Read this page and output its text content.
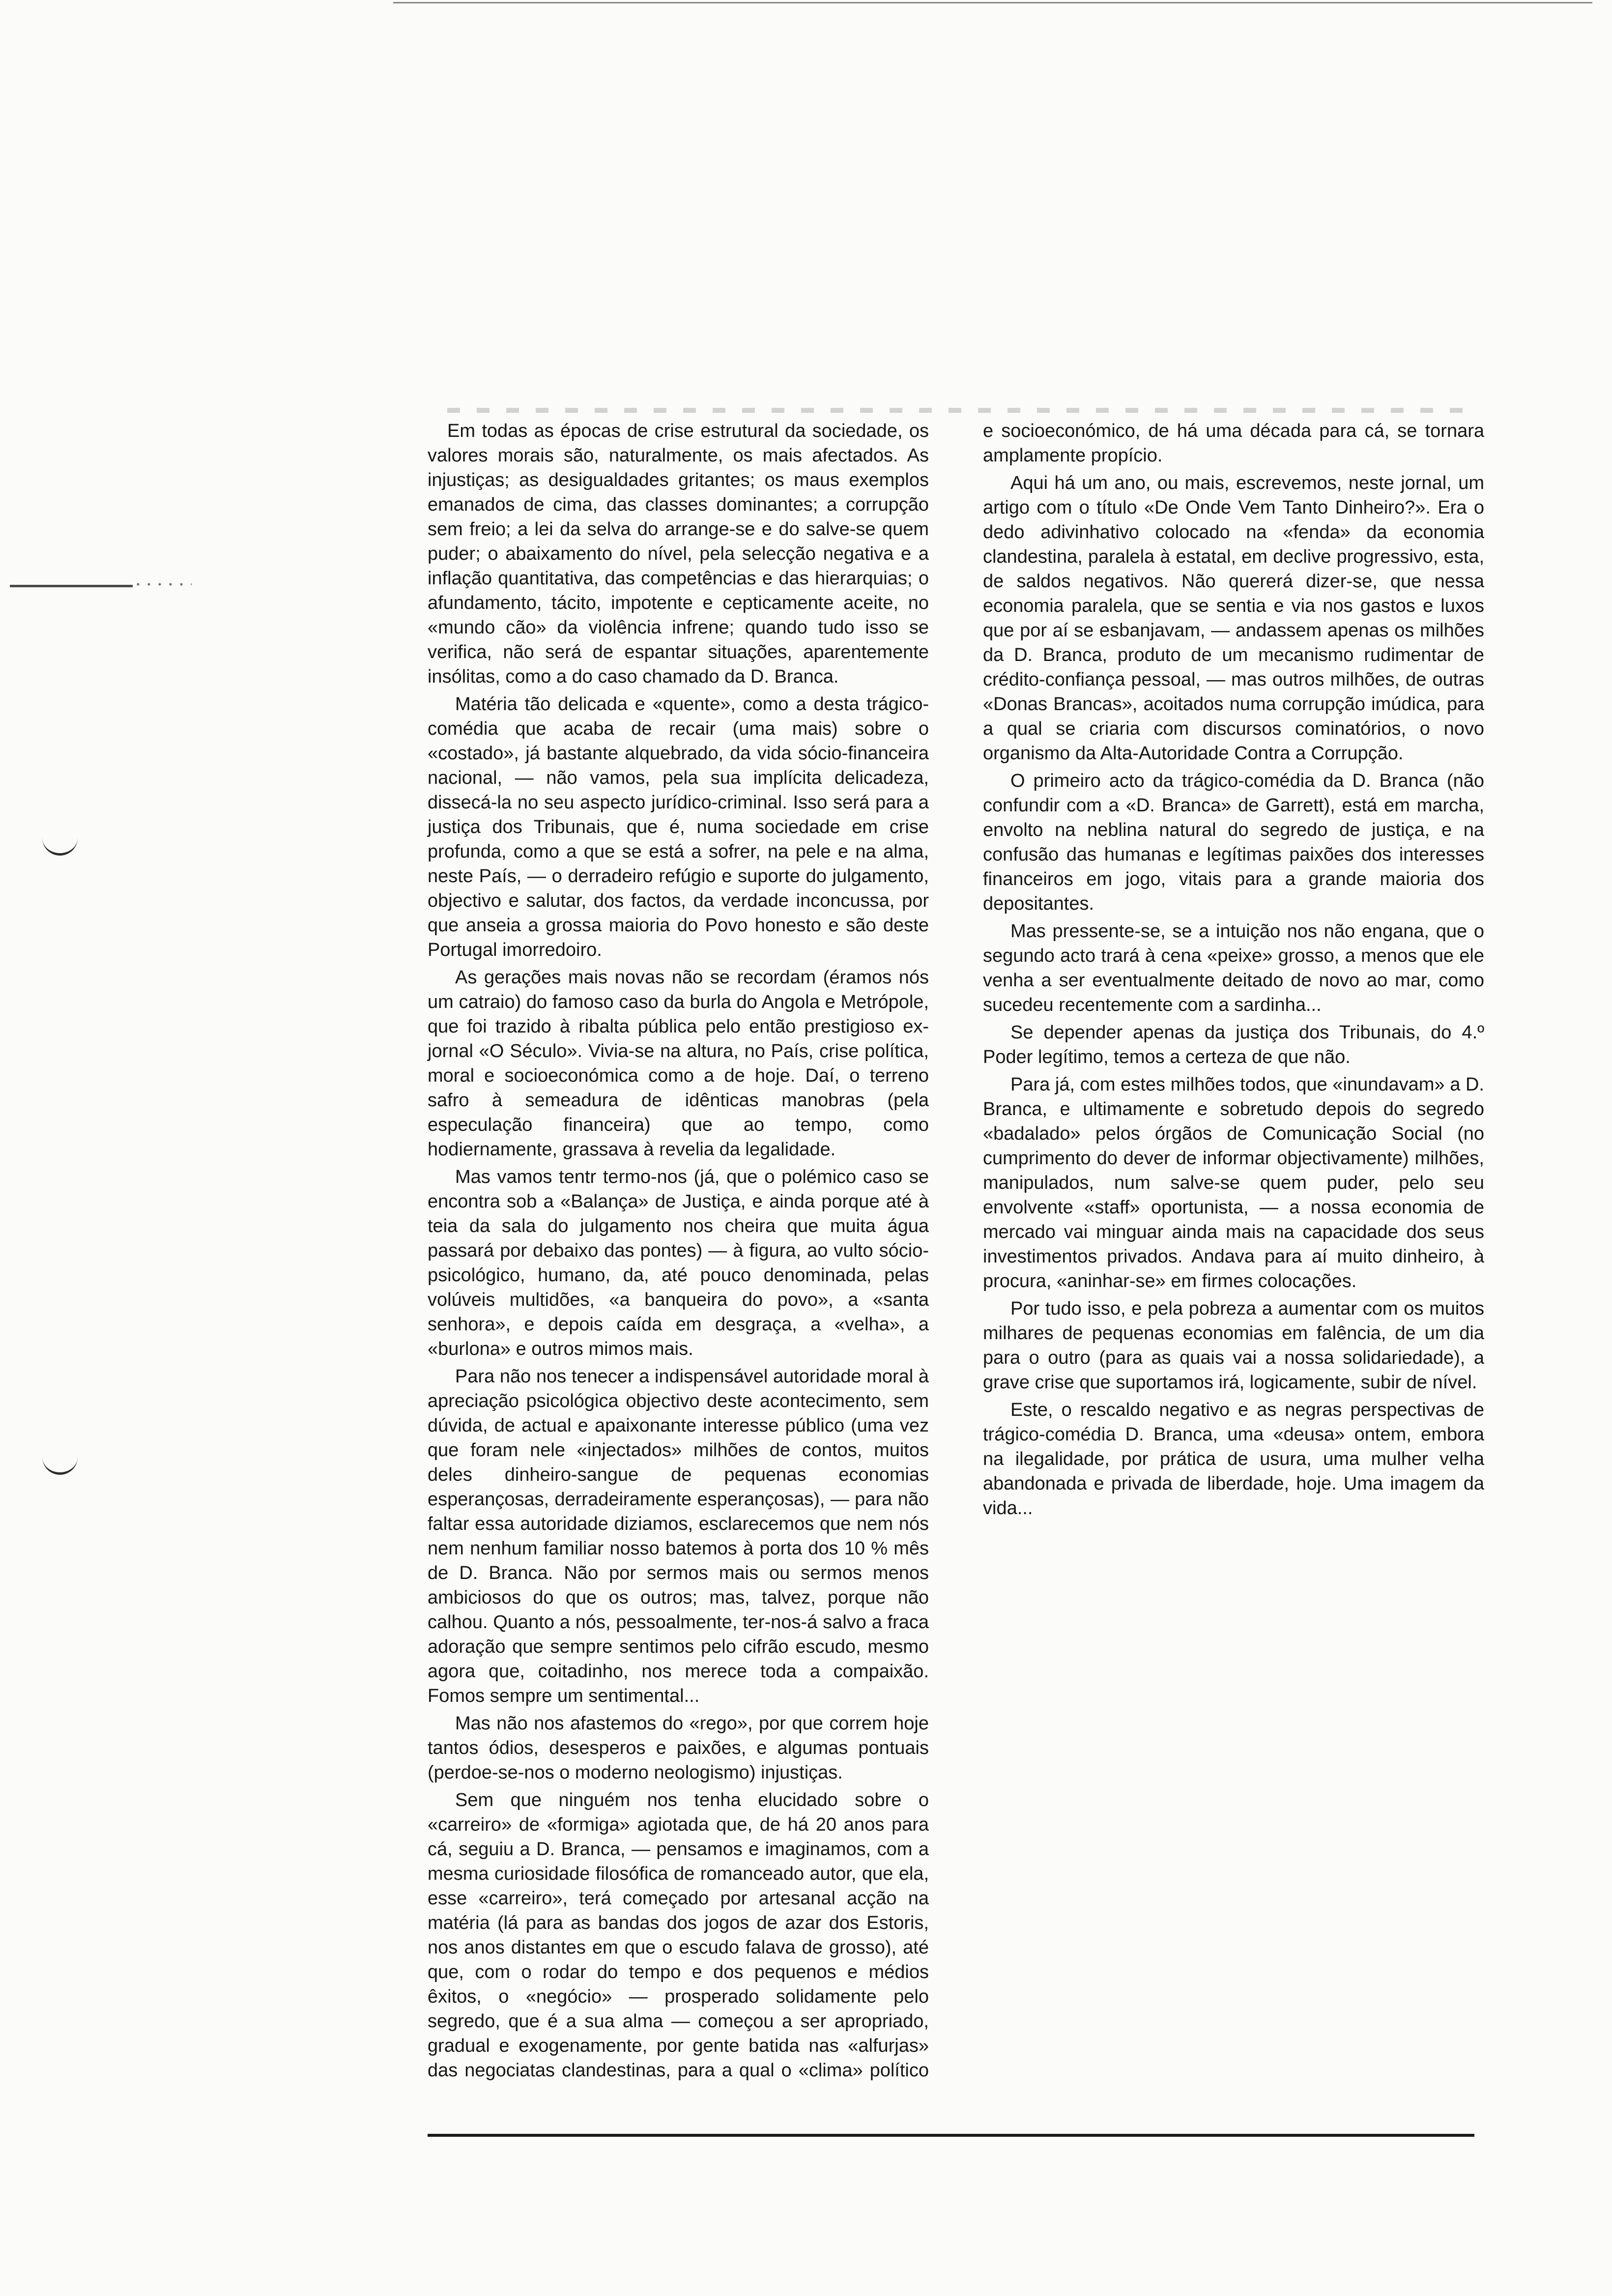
Em todas as épocas de crise estrutural da sociedade, os valores morais são, naturalmente, os mais afectados. As injustiças; as desigualdades gritantes; os maus exemplos emanados de cima, das classes dominantes; a corrupção sem freio; a lei da selva do arrange-se e do salve-se quem puder; o abaixamento do nível, pela selecção negativa e a inflação quantitativa, das competências e das hierarquias; o afundamento, tácito, impotente e cepticamente aceite, no «mundo cão» da violência infrene; quando tudo isso se verifica, não será de espantar situações, aparentemente insólitas, como a do caso chamado da D. Branca.

Matéria tão delicada e «quente», como a desta trágico-comédia que acaba de recair (uma mais) sobre o «costado», já bastante alquebrado, da vida sócio-financeira nacional, — não vamos, pela sua implícita delicadeza, dissecá-la no seu aspecto jurídico-criminal. Isso será para a justiça dos Tribunais, que é, numa sociedade em crise profunda, como a que se está a sofrer, na pele e na alma, neste País, — o derradeiro refúgio e suporte do julgamento, objectivo e salutar, dos factos, da verdade inconcussa, por que anseia a grossa maioria do Povo honesto e são deste Portugal imorredoiro.

As gerações mais novas não se recordam (éramos nós um catraio) do famoso caso da burla do Angola e Metrópole, que foi trazido à ribalta pública pelo então prestigioso ex-jornal «O Século». Vivia-se na altura, no País, crise política, moral e socioeconómica como a de hoje. Daí, o terreno safro à semeadura de idênticas manobras (pela especulação financeira) que ao tempo, como hodiernamente, grassava à revelia da legalidade.

Mas vamos tentr termo-nos (já, que o polémico caso se encontra sob a «Balança» de Justiça, e ainda porque até à teia da sala do julgamento nos cheira que muita água passará por debaixo das pontes) — à figura, ao vulto sócio-psicológico, humano, da, até pouco denominada, pelas volúveis multidões, «a banqueira do povo», a «santa senhora», e depois caída em desgraça, a «velha», a «burlona» e outros mimos mais.

Para não nos tenecer a indispensável autoridade moral à apreciação psicológica objectivo deste acontecimento, sem dúvida, de actual e apaixonante interesse público (uma vez que foram nele «injectados» milhões de contos, muitos deles dinheiro-sangue de pequenas economias esperançosas, derradeiramente esperançosas), — para não faltar essa autoridade diziamos, esclarecemos que nem nós nem nenhum familiar nosso batemos à porta dos 10 % mês de D. Branca. Não por sermos mais ou sermos menos ambiciosos do que os outros; mas, talvez, porque não calhou. Quanto a nós, pessoalmente, ter-nos-á salvo a fraca adoração que sempre sentimos pelo cifrão escudo, mesmo agora que, coitadinho, nos merece toda a compaixão. Fomos sempre um sentimental...

Mas não nos afastemos do «rego», por que correm hoje tantos ódios, desesperos e paixões, e algumas pontuais (perdoe-se-nos o moderno neologismo) injustiças.

Sem que ninguém nos tenha elucidado sobre o «carreiro» de «formiga» agiotada que, de há 20 anos para cá, seguiu a D. Branca, — pensamos e imaginamos, com a mesma curiosidade filosófica de romanceado autor, que ela, esse «carreiro», terá começado por artesanal acção na matéria (lá para as bandas dos jogos de azar dos Estoris, nos anos distantes em que o escudo falava de grosso), até que, com o rodar do tempo e dos pequenos e médios êxitos, o «negócio» — prosperado solidamente pelo segredo, que é a sua alma — começou a ser apropriado, gradual e exogenamente, por gente batida nas «alfurjas» das negociatas clandestinas, para a qual o «clima» político e socioeconómico, de há uma década para cá, se tornara amplamente propício.

Aqui há um ano, ou mais, escrevemos, neste jornal, um artigo com o título «De Onde Vem Tanto Dinheiro?». Era o dedo adivinhativo colocado na «fenda» da economia clandestina, paralela à estatal, em declive progressivo, esta, de saldos negativos. Não quererá dizer-se, que nessa economia paralela, que se sentia e via nos gastos e luxos que por aí se esbanjavam, — andassem apenas os milhões da D. Branca, produto de um mecanismo rudimentar de crédito-confiança pessoal, — mas outros milhões, de outras «Donas Brancas», acoitados numa corrupção imúdica, para a qual se criaria com discursos cominatórios, o novo organismo da Alta-Autoridade Contra a Corrupção.

O primeiro acto da trágico-comédia da D. Branca (não confundir com a «D. Branca» de Garrett), está em marcha, envolto na neblina natural do segredo de justiça, e na confusão das humanas e legítimas paixões dos interesses financeiros em jogo, vitais para a grande maioria dos depositantes.

Mas pressente-se, se a intuição nos não engana, que o segundo acto trará à cena «peixe» grosso, a menos que ele venha a ser eventualmente deitado de novo ao mar, como sucedeu recentemente com a sardinha...

Se depender apenas da justiça dos Tribunais, do 4.º Poder legítimo, temos a certeza de que não.

Para já, com estes milhões todos, que «inundavam» a D. Branca, e ultimamente e sobretudo depois do segredo «badalado» pelos órgãos de Comunicação Social (no cumprimento do dever de informar objectivamente) milhões, manipulados, num salve-se quem puder, pelo seu envolvente «staff» oportunista, — a nossa economia de mercado vai minguar ainda mais na capacidade dos seus investimentos privados. Andava para aí muito dinheiro, à procura, «aninhar-se» em firmes colocações.

Por tudo isso, e pela pobreza a aumentar com os muitos milhares de pequenas economias em falência, de um dia para o outro (para as quais vai a nossa solidariedade), a grave crise que suportamos irá, logicamente, subir de nível.

Este, o rescaldo negativo e as negras perspectivas de trágico-comédia D. Branca, uma «deusa» ontem, embora na ilegalidade, por prática de usura, uma mulher velha abandonada e privada de liberdade, hoje. Uma imagem da vida...
